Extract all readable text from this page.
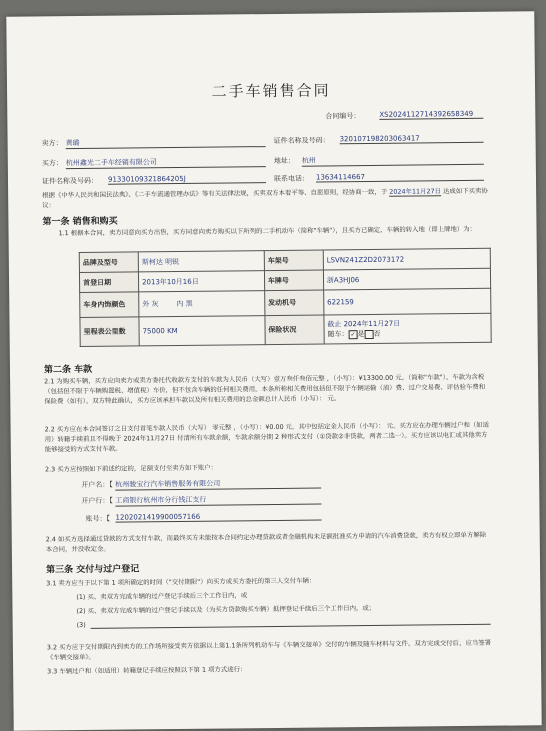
二手车销售合同
合同编号：	XS2024112714392658349
卖方： 黄璐	证件名称及号码： 320107198203063417
买方： 杭州鑫光二手车经销有限公司	地址： 杭州
证件名称及号码： 91330109321864205J	联系电话： 13634114667
根据《中华人民共和国民法典》、《二手车流通管理办法》等有关法律法规，买卖双方本着平等、自愿原则，经协商一致，于 2024年11月27日 达成如下买卖协议：
第一条 销售和购买
1.1 根据本合同，卖方同意向买方出售，买方同意向卖方购买以下所列的二手机动车（简称"车辆"），且买方已确定，车辆的转入地（即上牌地）为：
品牌及型号	斯柯达 明锐	车架号	LSVN241Z2D2073172
首登日期	2013年10月16日	车牌号	浙A3HJ06
车身内饰颜色	外 灰 内 黑	发动机号	622159
里程表公里数	75000 KM	保险状况	截止 2024年11月27日
随车： ✓ 是 否
第二条 车款
2.1 为购买车辆，买方应向卖方或卖方委托代收款方支付的车款为人民币（大写）壹万叁仟叁佰元整 ，（小写）：¥13300.00 元。（简称"车款"）。车款为含税（包括但不限于车辆购置税、增值税）车价，但不包含车辆的任何相关费用。本条所称相关费用包括但不限于车辆运输（油）费、过户交易费、评估验车费和保险费（如有）。双方特此确认，买方应该承担车款以及所有相关费用的总金额总计人民币（小写）： 元。
2.2 买方应在本合同签订之日支付首笔车款人民币（大写） 零元整 ，（小写）：¥0.00 元。其中包括定金人民币（小写）： 元。买方应在办理车辆过户和（如适用）转籍手续前且不得晚于 2024年11月27日 付清所有车款余额，车款余额分期 2 种形式支付（①贷款②非贷款，两者二选一）。买方应该以电汇或其他卖方能够接受的方式支付车款。
2.3 买方应按照如下前述约定的，足额支付至卖方如下账户：
开户名：【 杭州骏宝行汽车销售服务有限公司
开户行：【 工商银行杭州市分行钱江支行
账号：【 1202021419900057166
2.4 如买方选择通过贷款的方式支付车款，而最终买方未能按本合同约定办理贷款或者金融机构未足额批准买方申请的汽车消费贷款，卖方有权立即单方解除本合同，并没收定金。
第三条 交付与过户登记
3.1 卖方应当于以下第 1 项所确定的时间（"交付期限"）向买方或买方委托的第三人交付车辆：
(1) 买、卖双方完成车辆的过户登记手续后三个工作日内，或
(2) 买、卖双方完成车辆的过户登记手续以及（为买方贷款购买车辆）抵押登记手续后三个工作日内，或；
(3)
3.2 买方应于交付期限内到卖方的工作场所接受卖方依据以上第1.1条所列机动车与《车辆交接单》交付的车辆及随车材料与文件。双方完成交付后，应当签署《车辆交接单》。
3.3 车辆过户和（如适用）转籍登记手续应按照以下第 1 项方式进行：
